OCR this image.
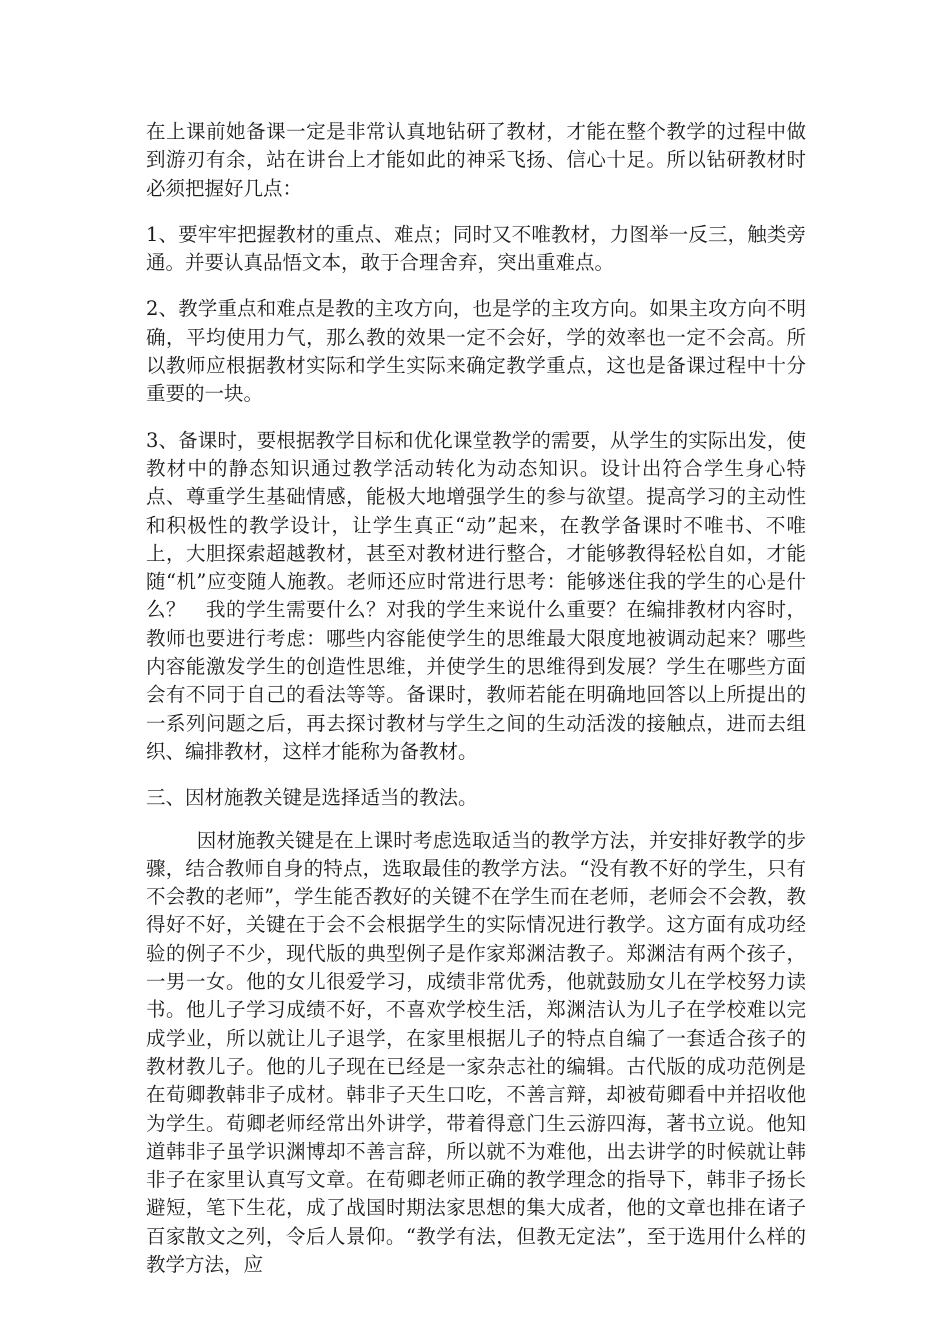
在上课前她备课一定是非常认真地钻研了教材，才能在整个教学的过程中做到游刃有余，站在讲台上才能如此的神采飞扬、信心十足。所以钻研教材时必须把握好几点：

1、要牢牢把握教材的重点、难点；同时又不唯教材，力图举一反三，触类旁通。并要认真品悟文本，敢于合理舍弃，突出重难点。

2、教学重点和难点是教的主攻方向，也是学的主攻方向。如果主攻方向不明确，平均使用力气，那么教的效果一定不会好，学的效率也一定不会高。所以教师应根据教材实际和学生实际来确定教学重点，这也是备课过程中十分重要的一块。

3、备课时，要根据教学目标和优化课堂教学的需要，从学生的实际出发，使教材中的静态知识通过教学活动转化为动态知识。设计出符合学生身心特点、尊重学生基础情感，能极大地增强学生的参与欲望。提高学习的主动性和积极性的教学设计，让学生真正“动”起来，在教学备课时不唯书、不唯上，大胆探索超越教材，甚至对教材进行整合，才能够教得轻松自如，才能随“机”应变随人施教。老师还应时常进行思考：能够迷住我的学生的心是什么？　我的学生需要什么？对我的学生来说什么重要？在编排教材内容时，教师也要进行考虑：哪些内容能使学生的思维最大限度地被调动起来？哪些内容能激发学生的创造性思维，并使学生的思维得到发展？学生在哪些方面会有不同于自己的看法等等。备课时，教师若能在明确地回答以上所提出的一系列问题之后，再去探讨教材与学生之间的生动活泼的接触点，进而去组织、编排教材，这样才能称为备教材。

三、因材施教关键是选择适当的教法。

因材施教关键是在上课时考虑选取适当的教学方法，并安排好教学的步骤，结合教师自身的特点，选取最佳的教学方法。“没有教不好的学生，只有不会教的老师”，学生能否教好的关键不在学生而在老师，老师会不会教，教得好不好，关键在于会不会根据学生的实际情况进行教学。这方面有成功经验的例子不少，现代版的典型例子是作家郑渊洁教子。郑渊洁有两个孩子，一男一女。他的女儿很爱学习，成绩非常优秀，他就鼓励女儿在学校努力读书。他儿子学习成绩不好，不喜欢学校生活，郑渊洁认为儿子在学校难以完成学业，所以就让儿子退学，在家里根据儿子的特点自编了一套适合孩子的教材教儿子。他的儿子现在已经是一家杂志社的编辑。古代版的成功范例是在荀卿教韩非子成材。韩非子天生口吃，不善言辩，却被荀卿看中并招收他为学生。荀卿老师经常出外讲学，带着得意门生云游四海，著书立说。他知道韩非子虽学识渊博却不善言辞，所以就不为难他，出去讲学的时候就让韩非子在家里认真写文章。在荀卿老师正确的教学理念的指导下，韩非子扬长避短，笔下生花，成了战国时期法家思想的集大成者，他的文章也排在诸子百家散文之列，令后人景仰。“教学有法，但教无定法”，至于选用什么样的教学方法，应
